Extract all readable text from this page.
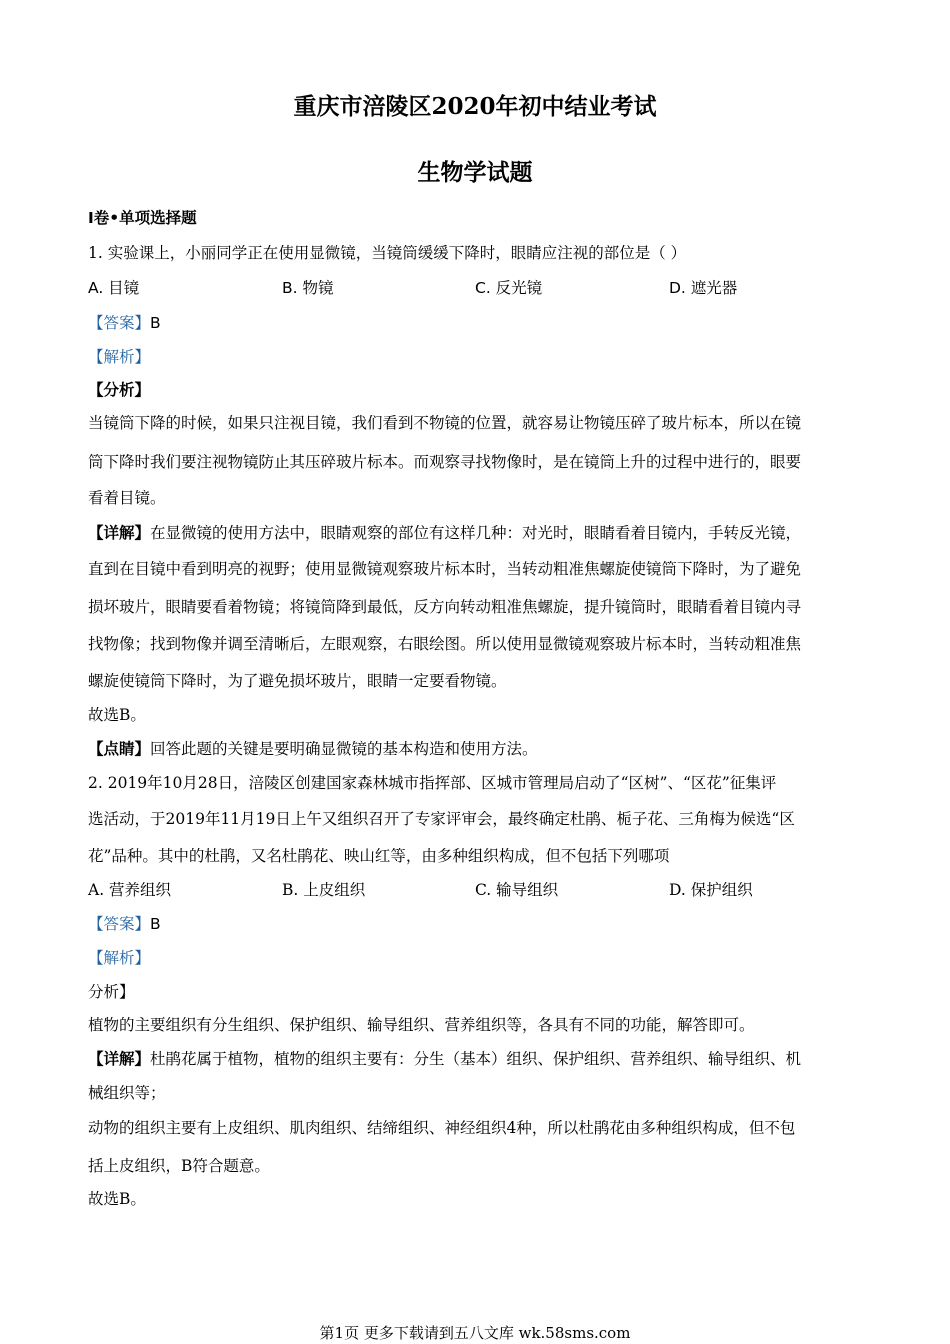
重庆市涪陵区2020年初中结业考试
生物学试题
Ⅰ卷•单项选择题
1. 实验课上，小丽同学正在使用显微镜，当镜筒缓缓下降时，眼睛应注视的部位是（ ）
A. 目镜	B. 物镜	C. 反光镜	D. 遮光器
【答案】B
【解析】
【分析】
当镜筒下降的时候，如果只注视目镜，我们看到不物镜的位置，就容易让物镜压碎了玻片标本，所以在镜
筒下降时我们要注视物镜防止其压碎玻片标本。而观察寻找物像时，是在镜筒上升的过程中进行的，眼要
看着目镜。
【详解】在显微镜的使用方法中，眼睛观察的部位有这样几种：对光时，眼睛看着目镜内，手转反光镜，
直到在目镜中看到明亮的视野；使用显微镜观察玻片标本时，当转动粗准焦螺旋使镜筒下降时，为了避免
损坏玻片，眼睛要看着物镜；将镜筒降到最低，反方向转动粗准焦螺旋，提升镜筒时，眼睛看着目镜内寻
找物像；找到物像并调至清晰后，左眼观察，右眼绘图。所以使用显微镜观察玻片标本时，当转动粗准焦
螺旋使镜筒下降时，为了避免损坏玻片，眼睛一定要看物镜。
故选B。
【点睛】回答此题的关键是要明确显微镜的基本构造和使用方法。
2. 2019年10月28日，涪陵区创建国家森林城市指挥部、区城市管理局启动了“区树”、“区花”征集评
选活动，于2019年11月19日上午又组织召开了专家评审会，最终确定杜鹃、栀子花、三角梅为候选“区
花”品种。其中的杜鹃，又名杜鹃花、映山红等，由多种组织构成，但不包括下列哪项
A. 营养组织	B. 上皮组织	C. 输导组织	D. 保护组织
【答案】B
【解析】
分析】
植物的主要组织有分生组织、保护组织、输导组织、营养组织等，各具有不同的功能，解答即可。
【详解】杜鹃花属于植物，植物的组织主要有：分生（基本）组织、保护组织、营养组织、输导组织、机
械组织等；
动物的组织主要有上皮组织、肌肉组织、结缔组织、神经组织4种，所以杜鹃花由多种组织构成，但不包
括上皮组织，B符合题意。
故选B。
第1页 更多下载请到五八文库 wk.58sms.com
